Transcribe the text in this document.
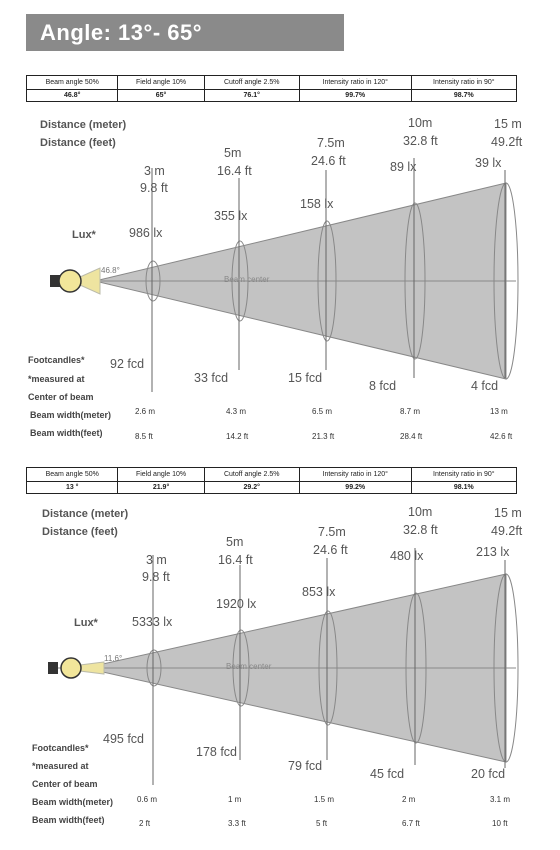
Angle: 13°- 65°
Beam angle 50%	Field angle 10%	Cutoff angle 2.5%	Intensity ratio in 120°	Intensity ratio in 90°
46.8°	65°	76.1°	99.7%	98.7%
Beam angle 50%	Field angle 10%	Cutoff angle 2.5%	Intensity ratio in 120°	Intensity ratio in 90°
13 °	21.9°	29.2°	99.2%	98.1%
Distance (meter)
Distance (feet)
Lux*
Footcandles*
*measured at
Center of beam
Beam width(meter)
Beam width(feet)
46.8°
Beam center
3 m
5m
7.5m
10m	15 m
9.8 ft
16.4 ft
24.6 ft
32.8 ft	49.2ft
986 lx
355 lx
158 lx
89 lx	39 lx
92 fcd
33 fcd	15 fcd
8 fcd	4 fcd
2.6 m	4.3 m	6.5 m	8.7 m	13 m
8.5 ft	14.2 ft	21.3 ft	28.4 ft	42.6 ft
Distance (meter)
Distance (feet)
Lux*
Footcandles*
*measured at
Center of beam
Beam width(meter)
Beam width(feet)
11.6°
Beam center
3 m
5m
7.5m
10m	15 m
9.8 ft
16.4 ft
24.6 ft
32.8 ft	49.2ft
5333 lx
1920 lx
853 lx
480 lx	213 lx
495 fcd
178 fcd
79 fcd
45 fcd	20 fcd
0.6 m	1 m	1.5 m	2 m	3.1 m
2 ft	3.3 ft	5 ft	6.7 ft	10 ft
